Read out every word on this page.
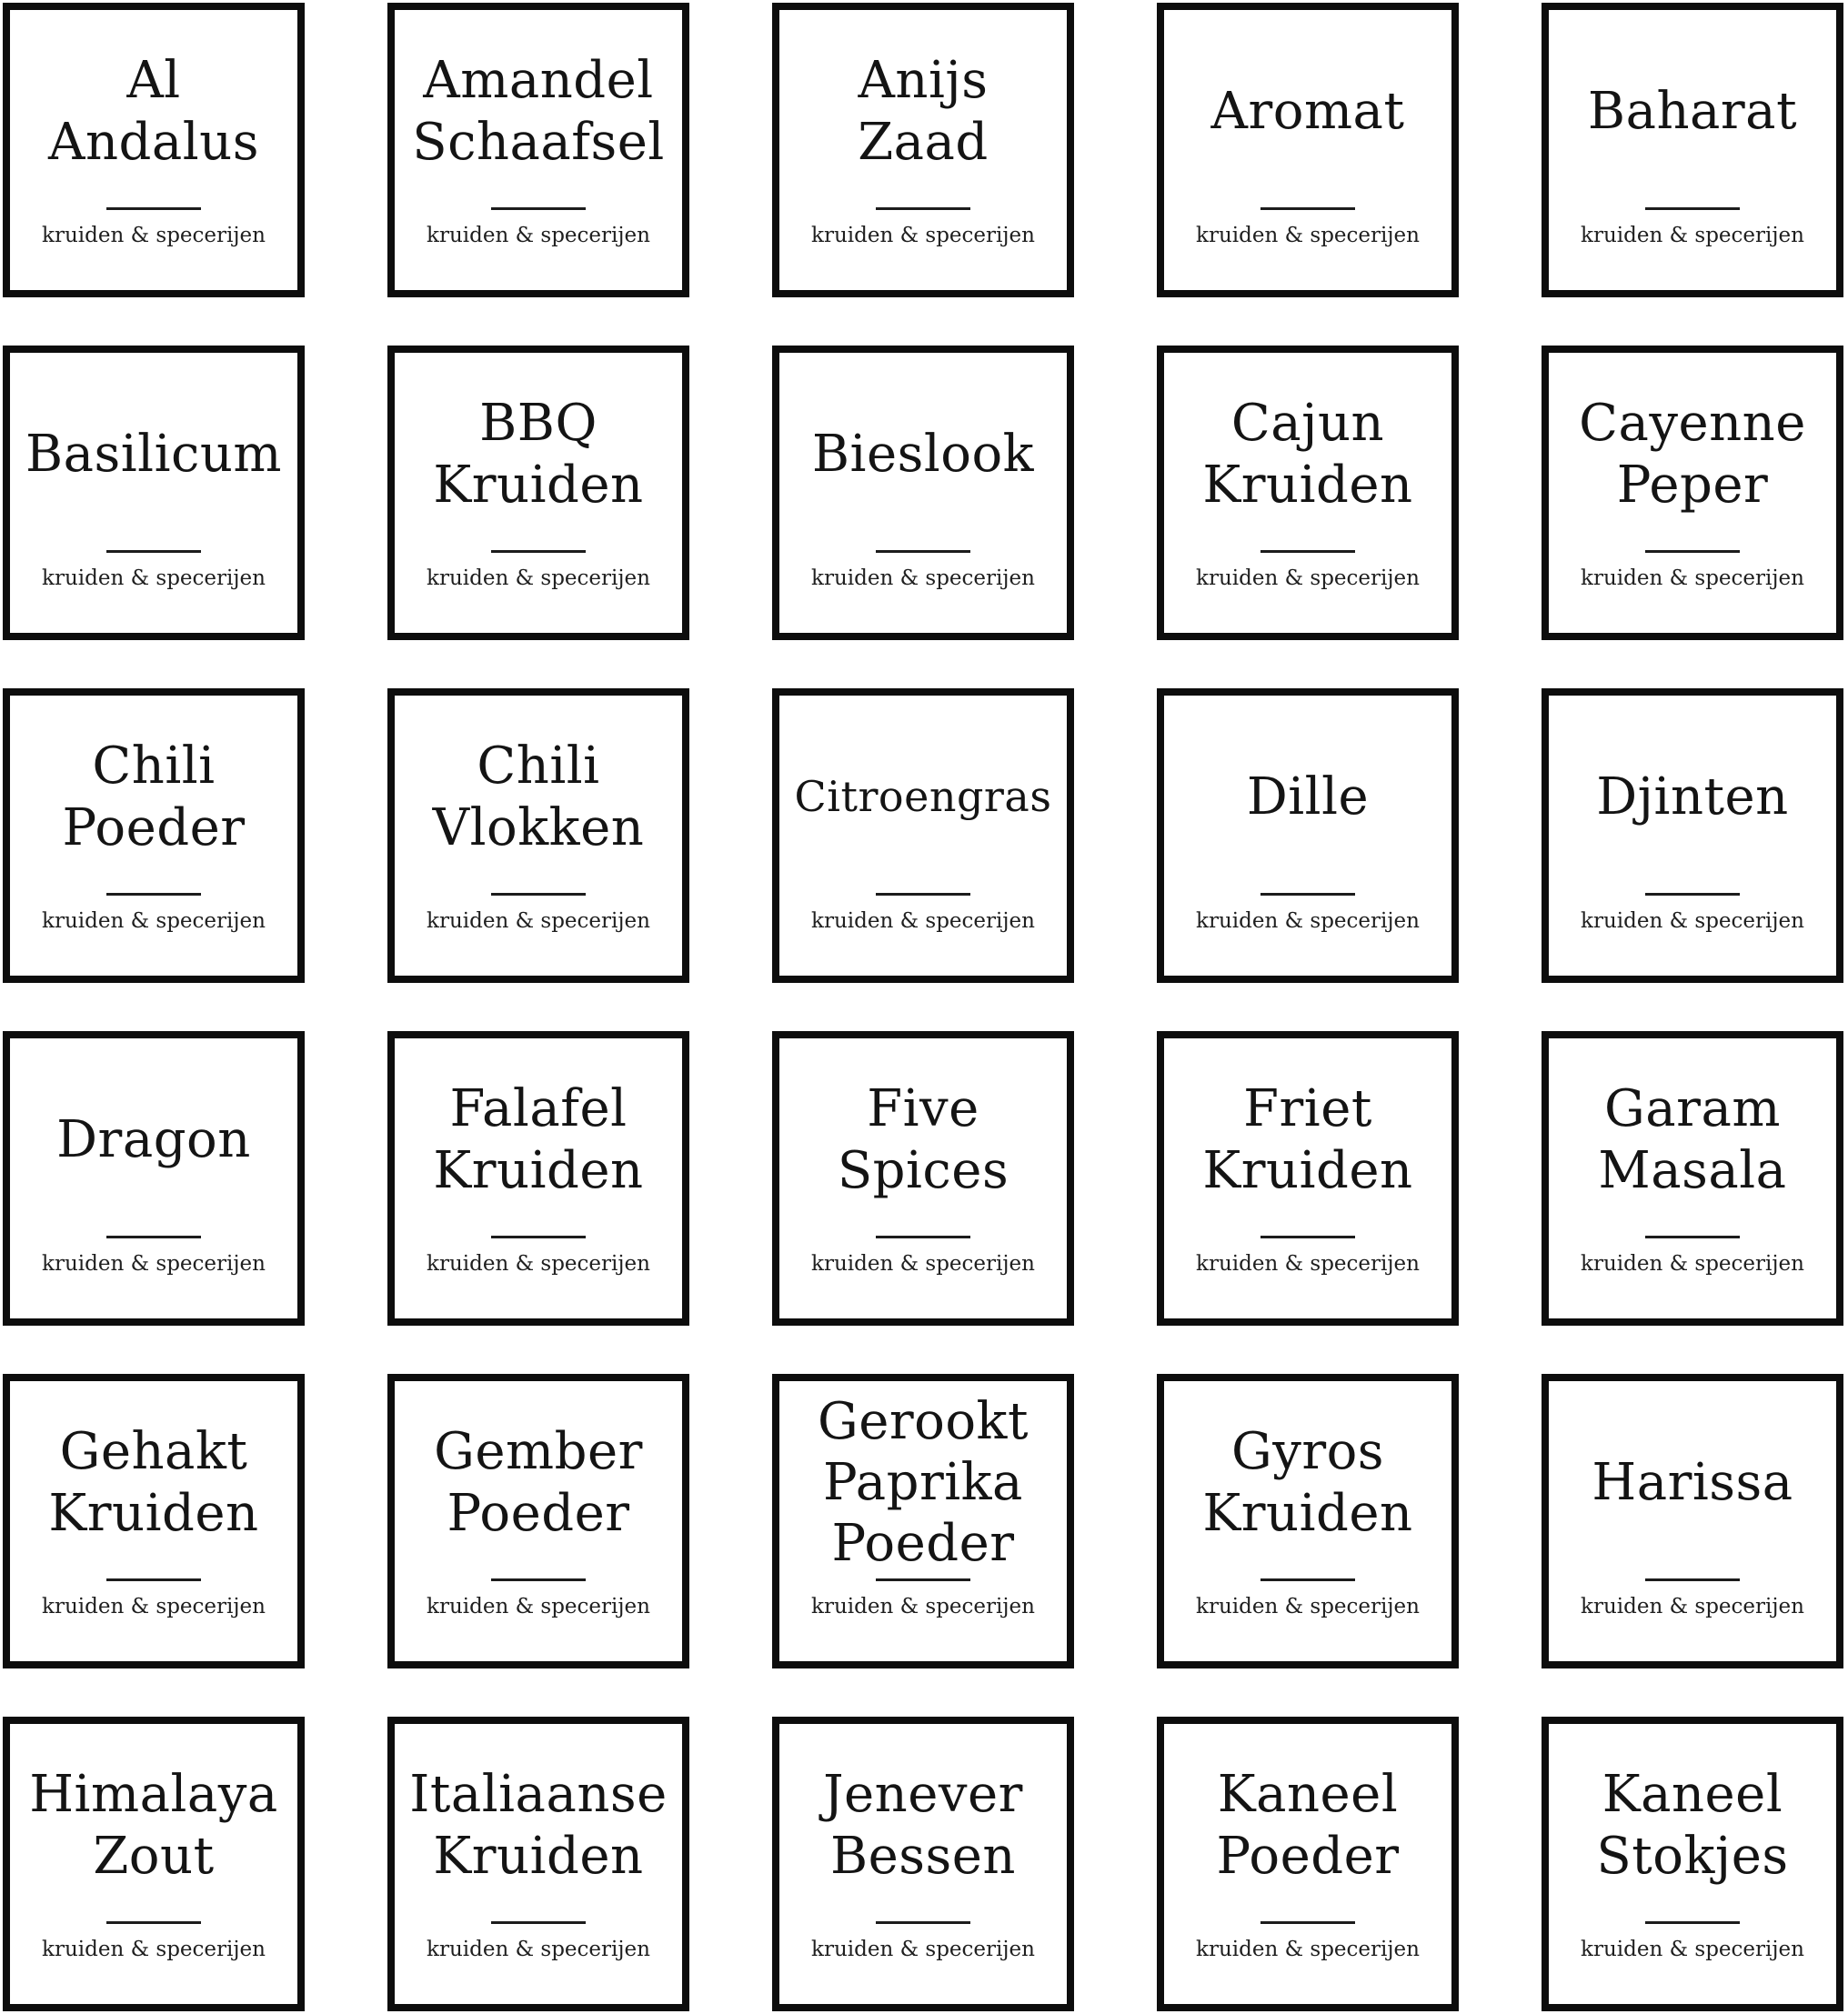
Al Andalus
kruiden & specerijen
Amandel Schaafsel
kruiden & specerijen
Anijs Zaad
kruiden & specerijen
Aromat
kruiden & specerijen
Baharat
kruiden & specerijen
Basilicum
kruiden & specerijen
BBQ Kruiden
kruiden & specerijen
Bieslook
kruiden & specerijen
Cajun Kruiden
kruiden & specerijen
Cayenne Peper
kruiden & specerijen
Chili Poeder
kruiden & specerijen
Chili Vlokken
kruiden & specerijen
Citroengras
kruiden & specerijen
Dille
kruiden & specerijen
Djinten
kruiden & specerijen
Dragon
kruiden & specerijen
Falafel Kruiden
kruiden & specerijen
Five Spices
kruiden & specerijen
Friet Kruiden
kruiden & specerijen
Garam Masala
kruiden & specerijen
Gehakt Kruiden
kruiden & specerijen
Gember Poeder
kruiden & specerijen
Gerookt Paprika Poeder
kruiden & specerijen
Gyros Kruiden
kruiden & specerijen
Harissa
kruiden & specerijen
Himalaya Zout
kruiden & specerijen
Italiaanse Kruiden
kruiden & specerijen
Jenever Bessen
kruiden & specerijen
Kaneel Poeder
kruiden & specerijen
Kaneel Stokjes
kruiden & specerijen
